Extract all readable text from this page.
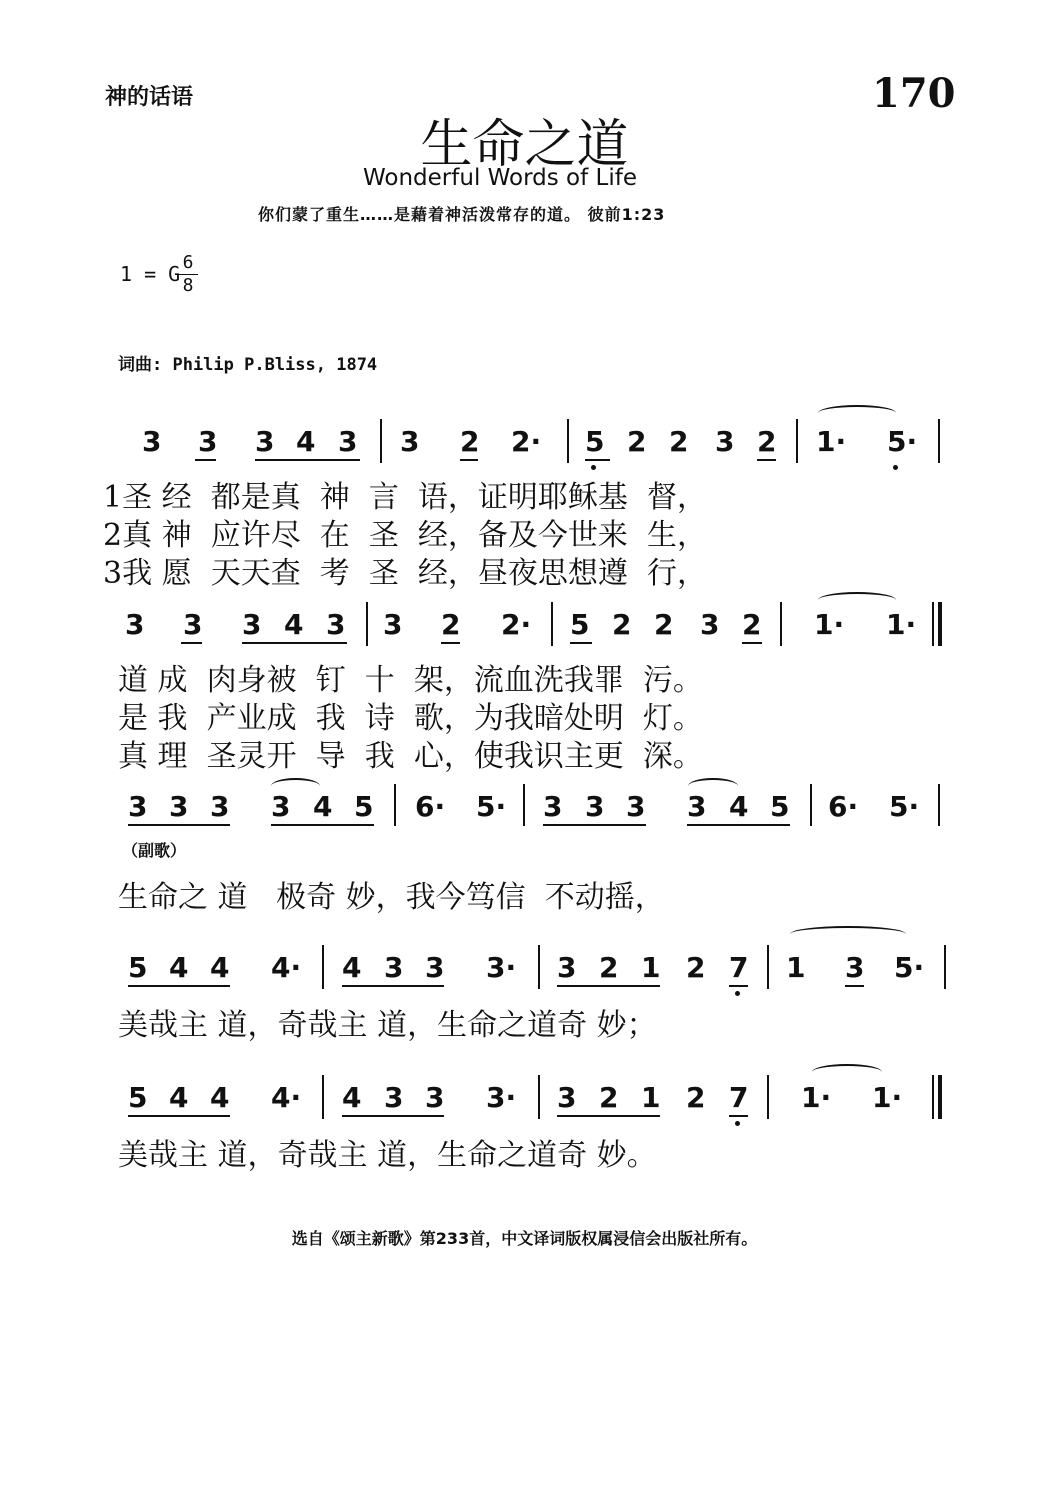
神的话语	170
生命之道
Wonderful Words of Life
你们蒙了重生……是藉着神活泼常存的道。 彼前1:23
1 = G
$\frac{6}{8}$
词曲: Philip P.Bliss, 1874
3 3 3 4 3 3 2 2· 5 2 2 3 2 1· 5·
1圣 经  都是真  神  言  语，证明耶稣基  督，
2真 神  应许尽  在  圣  经，备及今世来  生，
3我 愿  天天查  考  圣  经，昼夜思想遵  行，
3 3 3 4 3 3 2 2· 5 2 2 3 2 1· 1·
道 成  肉身被  钉  十  架，流血洗我罪  污。
是 我  产业成  我  诗  歌，为我暗处明  灯。
真 理  圣灵开  导  我  心，使我识主更  深。
3 3 3 3 4 5 6· 5· 3 3 3 3 4 5 6· 5·
生命之 道   极奇 妙，我今笃信  不动摇，
5 4 4 4· 4 3 3 3· 3 2 1 2 7 1 3 5·
美哉主 道，奇哉主 道，生命之道奇 妙；
5 4 4 4· 4 3 3 3· 3 2 1 2 7 1· 1·
美哉主 道，奇哉主 道，生命之道奇 妙。
（副歌）
选自《颂主新歌》第233首，中文译词版权属浸信会出版社所有。
